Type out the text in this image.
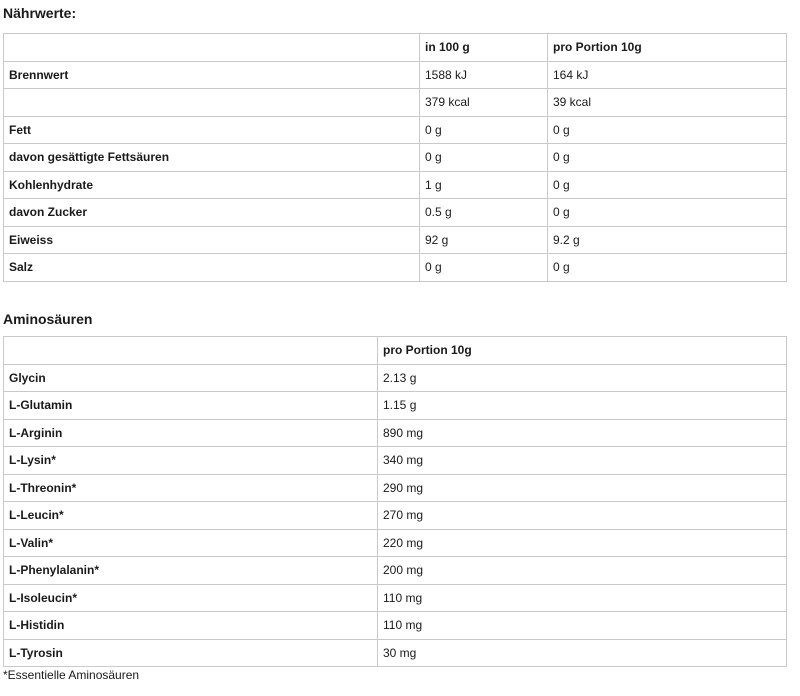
Nährwerte:
	in 100 g	pro Portion 10g
Brennwert	1588 kJ	164 kJ
	379 kcal	39 kcal
Fett	0 g	0 g
davon gesättigte Fettsäuren	0 g	0 g
Kohlenhydrate	1 g	0 g
davon Zucker	0.5 g	0 g
Eiweiss	92 g	9.2 g
Salz	0 g	0 g
Aminosäuren
	pro Portion 10g
Glycin	2.13 g
L-Glutamin	1.15 g
L-Arginin	890 mg
L-Lysin*	340 mg
L-Threonin*	290 mg
L-Leucin*	270 mg
L-Valin*	220 mg
L-Phenylalanin*	200 mg
L-Isoleucin*	110 mg
L-Histidin	110 mg
L-Tyrosin	30 mg

*Essentielle Aminosäuren
